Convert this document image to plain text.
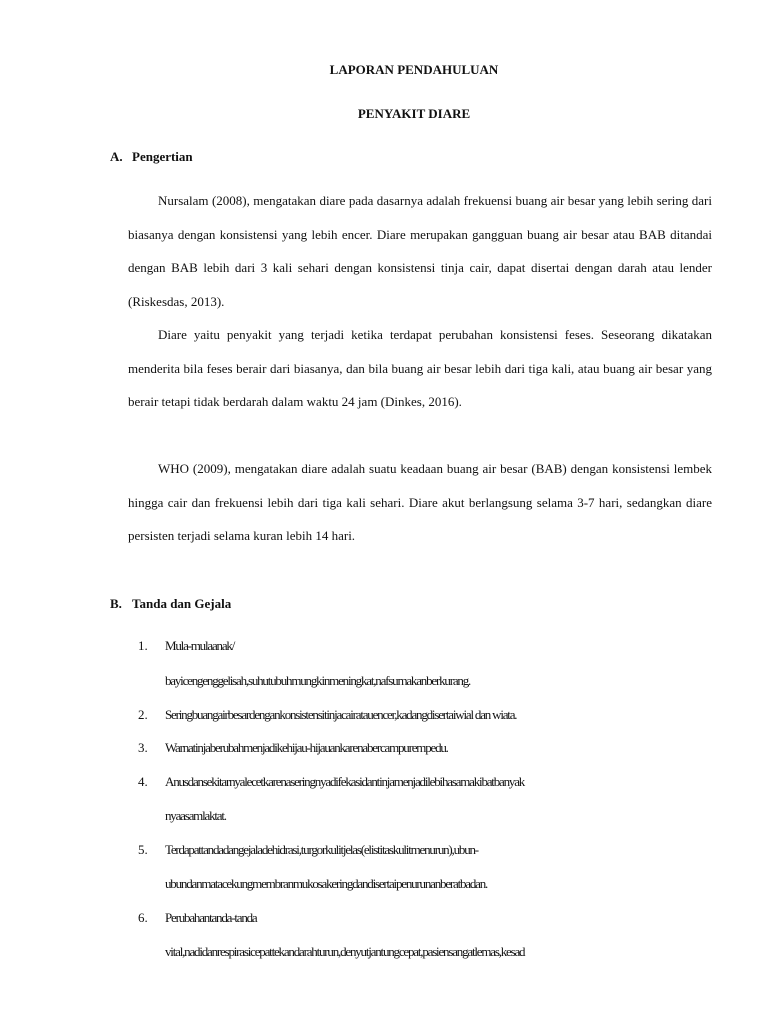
LAPORAN PENDAHULUAN
PENYAKIT DIARE
A. Pengertian

Nursalam (2008), mengatakan diare pada dasarnya adalah frekuensi buang air besar yang lebih sering dari biasanya dengan konsistensi yang lebih encer. Diare merupakan gangguan buang air besar atau BAB ditandai dengan BAB lebih dari 3 kali sehari dengan konsistensi tinja cair, dapat disertai dengan darah atau lender (Riskesdas, 2013).

Diare yaitu penyakit yang terjadi ketika terdapat perubahan konsistensi feses. Seseorang dikatakan menderita bila feses berair dari biasanya, dan bila buang air besar lebih dari tiga kali, atau buang air besar yang berair tetapi tidak berdarah dalam waktu 24 jam (Dinkes, 2016).

WHO (2009), mengatakan diare adalah suatu keadaan buang air besar (BAB) dengan konsistensi lembek hingga cair dan frekuensi lebih dari tiga kali sehari. Diare akut berlangsung selama 3-7 hari, sedangkan diare persisten terjadi selama kuran lebih 14 hari.

B. Tanda dan Gejala
1. Mula-mulaanak/
bayicengenggelisah,suhutubuhmungkinmeningkat,nafsumakanberkurang.
2. Seringbuangairbesardengankonsistensitinjacairatauencer,kadangdisertaiwial dan wiata.
3. Warnatinjaberubahmenjadikehijau-hijauankarenabercampurempedu.
4. Anusdansekitarnyalecetkarenaseringnyadifekasidantinjamenjadilebihasamakibatbanyak
nyaasamlaktat.
5. Terdapattandadangejaladehidrasi,turgorkulitjelas(elistitaskulitmenurun),ubun-
ubundanmatacekungmembranmukosakeringdandisertaipenurunanberatbadan.
6. Perubahantanda-tanda
vital,nadidanrespirasicepattekandarahturun,denyutjantungcepat,pasiensangatlemas,kesad
